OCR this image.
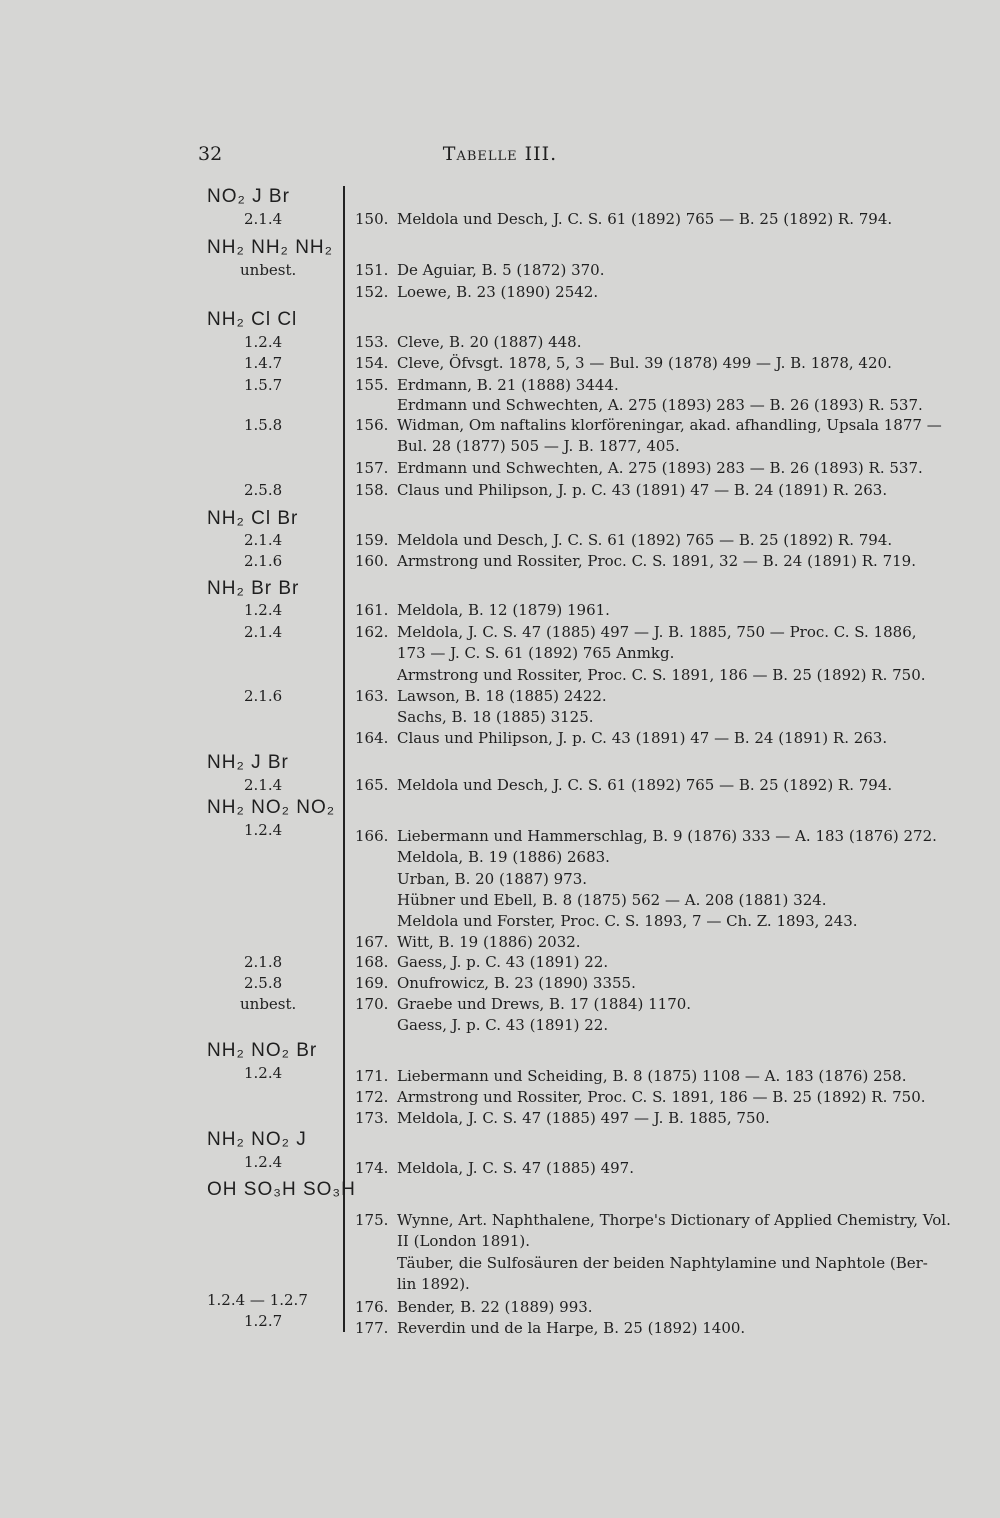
32	Tabelle III.
NO₂ J Br
NH₂ NH₂ NH₂
NH₂ Cl Cl
NH₂ Cl Br
NH₂ Br Br
NH₂ J Br
NH₂ NO₂ NO₂
NH₂ NO₂ Br
NH₂ NO₂ J
OH SO₃H SO₃H
2.1.4
unbest.
1.2.4
1.4.7
1.5.7
1.5.8
2.5.8
2.1.4
2.1.6
1.2.4
2.1.4
2.1.6
2.1.4
1.2.4
2.1.8
2.5.8
unbest.
1.2.4
1.2.4
1.2.4 — 1.2.7
1.2.7
150. Meldola und Desch, J. C. S. 61 (1892) 765 — B. 25 (1892) R. 794.
151. De Aguiar, B. 5 (1872) 370.
152. Loewe, B. 23 (1890) 2542.
153. Cleve, B. 20 (1887) 448.
154. Cleve, Öfvsgt. 1878, 5, 3 — Bul. 39 (1878) 499 — J. B. 1878, 420.
155. Erdmann, B. 21 (1888) 3444.
Erdmann und Schwechten, A. 275 (1893) 283 — B. 26 (1893) R. 537.
156. Widman, Om naftalins klorföreningar, akad. afhandling, Upsala 1877 —
Bul. 28 (1877) 505 — J. B. 1877, 405.
157. Erdmann und Schwechten, A. 275 (1893) 283 — B. 26 (1893) R. 537.
158. Claus und Philipson, J. p. C. 43 (1891) 47 — B. 24 (1891) R. 263.
159. Meldola und Desch, J. C. S. 61 (1892) 765 — B. 25 (1892) R. 794.
160. Armstrong und Rossiter, Proc. C. S. 1891, 32 — B. 24 (1891) R. 719.
161. Meldola, B. 12 (1879) 1961.
162. Meldola, J. C. S. 47 (1885) 497 — J. B. 1885, 750 — Proc. C. S. 1886,
173 — J. C. S. 61 (1892) 765 Anmkg.
Armstrong und Rossiter, Proc. C. S. 1891, 186 — B. 25 (1892) R. 750.
163. Lawson, B. 18 (1885) 2422.
Sachs, B. 18 (1885) 3125.
164. Claus und Philipson, J. p. C. 43 (1891) 47 — B. 24 (1891) R. 263.
165. Meldola und Desch, J. C. S. 61 (1892) 765 — B. 25 (1892) R. 794.
166. Liebermann und Hammerschlag, B. 9 (1876) 333 — A. 183 (1876) 272.
Meldola, B. 19 (1886) 2683.
Urban, B. 20 (1887) 973.
Hübner und Ebell, B. 8 (1875) 562 — A. 208 (1881) 324.
Meldola und Forster, Proc. C. S. 1893, 7 — Ch. Z. 1893, 243.
167. Witt, B. 19 (1886) 2032.
168. Gaess, J. p. C. 43 (1891) 22.
169. Onufrowicz, B. 23 (1890) 3355.
170. Graebe und Drews, B. 17 (1884) 1170.
Gaess, J. p. C. 43 (1891) 22.
171. Liebermann und Scheiding, B. 8 (1875) 1108 — A. 183 (1876) 258.
172. Armstrong und Rossiter, Proc. C. S. 1891, 186 — B. 25 (1892) R. 750.
173. Meldola, J. C. S. 47 (1885) 497 — J. B. 1885, 750.
174. Meldola, J. C. S. 47 (1885) 497.
175. Wynne, Art. Naphthalene, Thorpe's Dictionary of Applied Chemistry, Vol.
II (London 1891).
Täuber, die Sulfosäuren der beiden Naphtylamine und Naphtole (Ber-
lin 1892).
176. Bender, B. 22 (1889) 993.
177. Reverdin und de la Harpe, B. 25 (1892) 1400.
